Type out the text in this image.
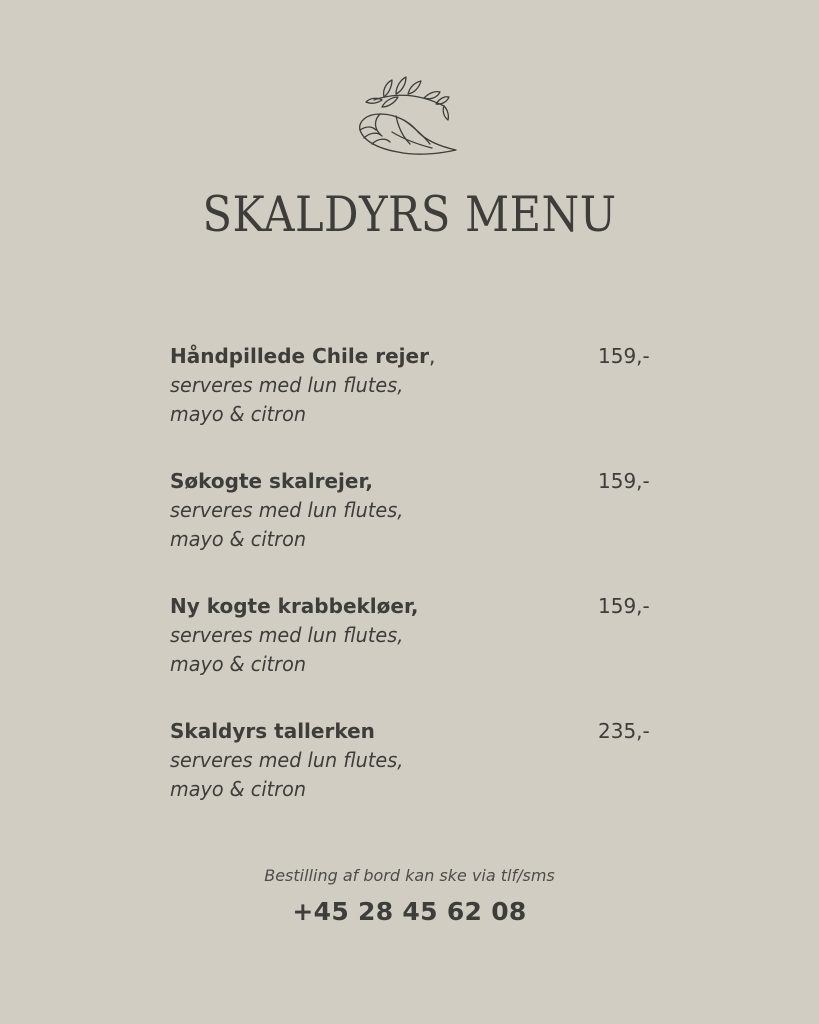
SKALDYRS MENU
Håndpillede Chile rejer,
serveres med lun flutes,
mayo & citron
159,-
Søkogte skalrejer,
serveres med lun flutes,
mayo & citron
159,-
Ny kogte krabbekløer,
serveres med lun flutes,
mayo & citron
159,-
Skaldyrs tallerken
serveres med lun flutes,
mayo & citron
235,-
Bestilling af bord kan ske via tlf/sms
+45 28 45 62 08
